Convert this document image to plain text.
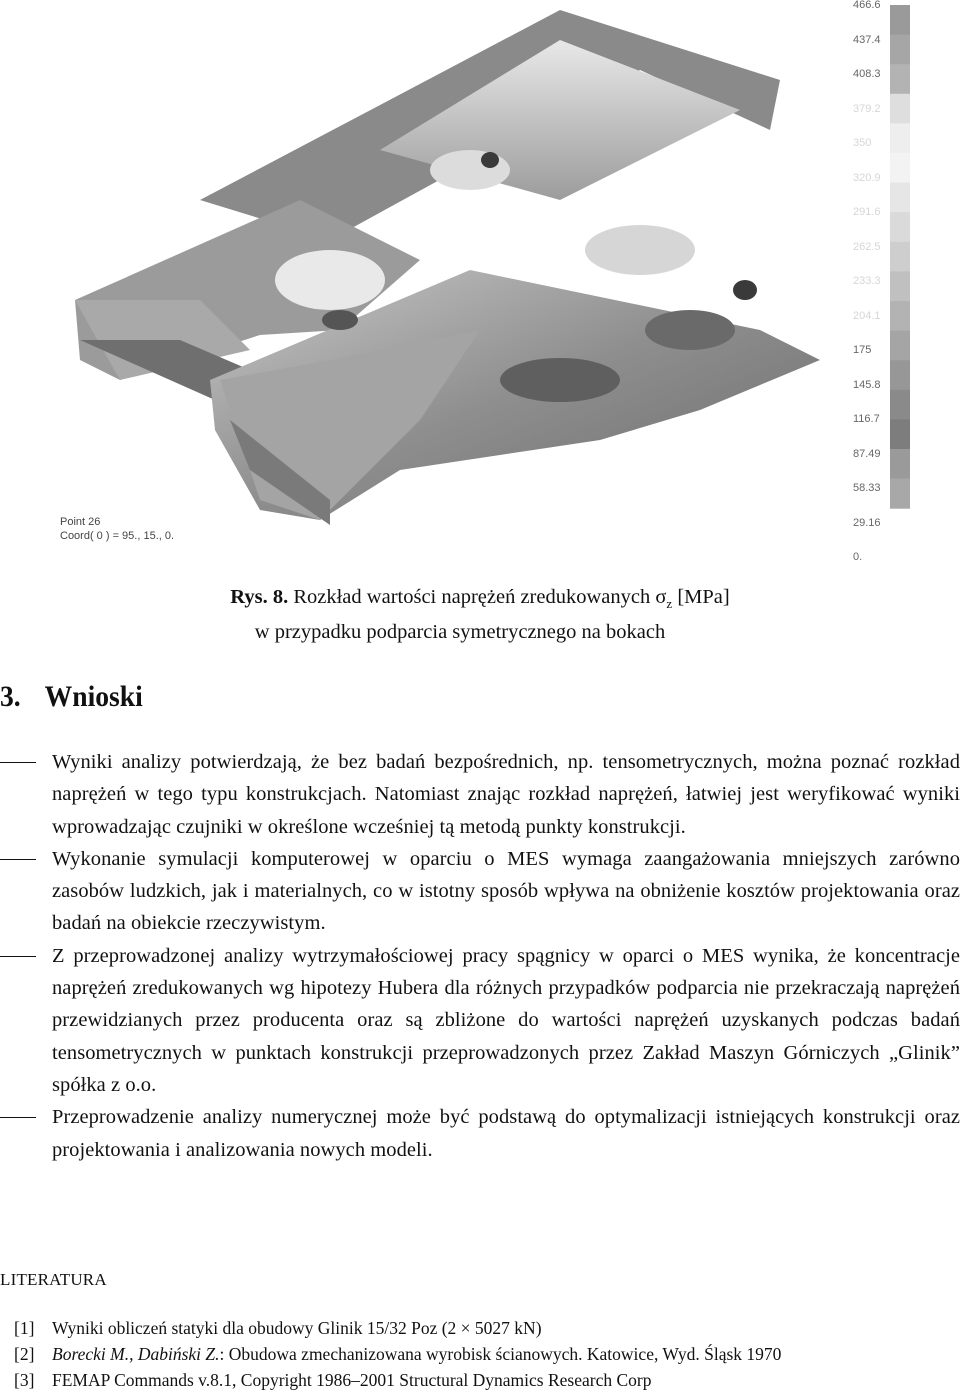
466.6
437.4
408.3
379.2
350
320.9
291.6
262.5
233.3
204.1
175
145.8
116.7
87.49
58.33
29.16
0.
Point 26
Coord( 0 ) = 95., 15., 0.
Rys. 8. Rozkład wartości naprężeń zredukowanych $\sigma_z$ [MPa]
w przypadku podparcia symetrycznego na bokach
3. Wnioski
Wyniki analizy potwierdzają, że bez badań bezpośrednich, np. tensometrycznych, można poznać rozkład naprężeń w tego typu konstrukcjach. Natomiast znając rozkład naprężeń, łatwiej jest weryfikować wyniki wprowadzając czujniki w określone wcześniej tą metodą punkty konstrukcji.
Wykonanie symulacji komputerowej w oparciu o MES wymaga zaangażowania mniejszych zarówno zasobów ludzkich, jak i materialnych, co w istotny sposób wpływa na obniżenie kosztów projektowania oraz badań na obiekcie rzeczywistym.
Z przeprowadzonej analizy wytrzymałościowej pracy spągnicy w oparci o MES wynika, że koncentracje naprężeń zredukowanych wg hipotezy Hubera dla różnych przypadków podparcia nie przekraczają naprężeń przewidzianych przez producenta oraz są zbliżone do wartości naprężeń uzyskanych podczas badań tensometrycznych w punktach konstrukcji przeprowadzonych przez Zakład Maszyn Górniczych „Glinik” spółka z o.o.
Przeprowadzenie analizy numerycznej może być podstawą do optymalizacji istniejących konstrukcji oraz projektowania i analizowania nowych modeli.
LITERATURA
[1] Wyniki obliczeń statyki dla obudowy Glinik 15/32 Poz (2 × 5027 kN)
[2] Borecki M., Dabiński Z.: Obudowa zmechanizowana wyrobisk ścianowych. Katowice, Wyd. Śląsk 1970
[3] FEMAP Commands v.8.1, Copyright 1986–2001 Structural Dynamics Research Corp
